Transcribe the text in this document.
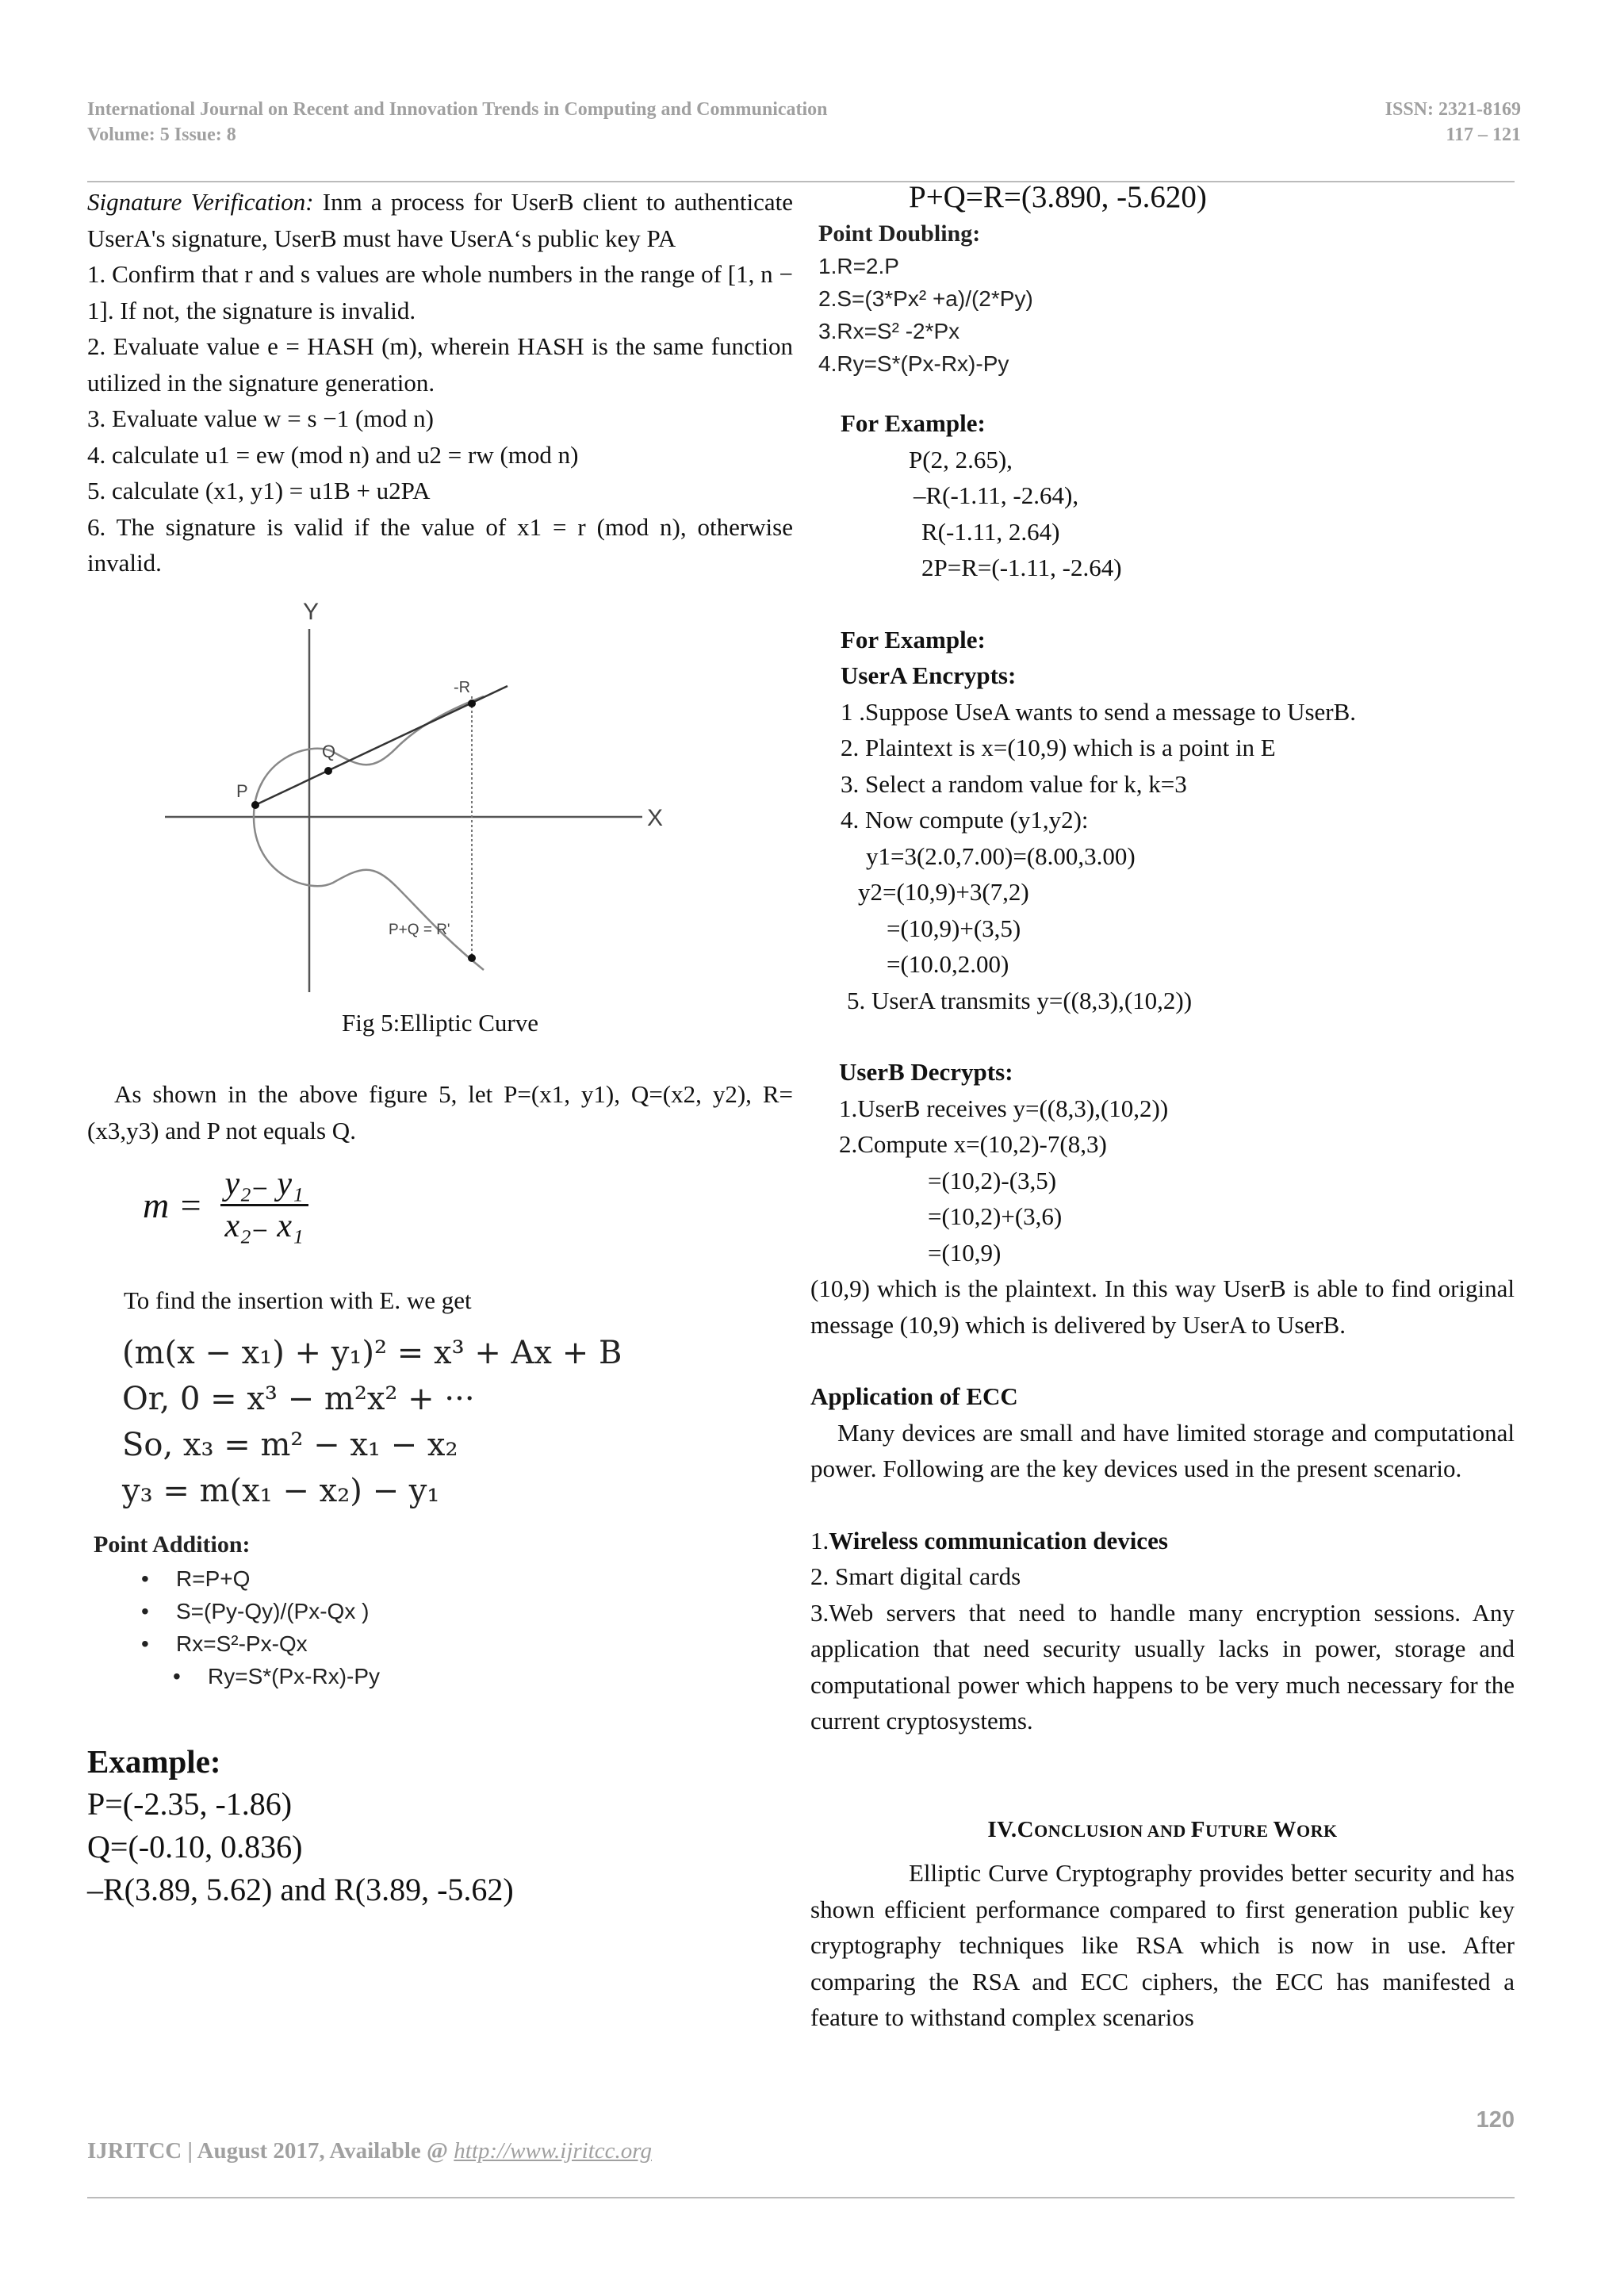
International Journal on Recent and Innovation Trends in Computing and Communication
Volume: 5 Issue: 8
ISSN: 2321-8169
117 – 121

Signature Verification: Inm a process for UserB client to authenticate UserA's signature, UserB must have UserA‘s public key PA

1. Confirm that r and s values are whole numbers in the range of [1, n − 1]. If not, the signature is invalid.

2. Evaluate value e = HASH (m), wherein HASH is the same function utilized in the signature generation.

3. Evaluate value w = s −1 (mod n)

4. calculate u1 = ew (mod n) and u2 = rw (mod n)

5. calculate (x1, y1) = u1B + u2PA

6. The signature is valid if the value of x1 = r (mod n), otherwise invalid.

Y
X
P
Q
-R
P+Q = R'

Fig 5:Elliptic Curve

As shown in the above figure 5, let P=(x1, y1), Q=(x2, y2), R=(x3,y3) and P not equals Q.

$m = \frac{\text{y₂₋ y₁}}{\text{x₂₋ x₁}}$

To find the insertion with E. we get

(m(x − x₁) + y₁)² = x³ + Ax + B
Or, 0 = x³ − m²x² + ···
So, x₃ = m² − x₁ − x₂
y₃ = m(x₁ − x₂) − y₁
Point Addition:
• R=P+Q
• S=(Py-Qy)/(Px-Qx )
• Rx=S²-Px-Qx
• Ry=S*(Px-Rx)-Py
Example:
P=(-2.35, -1.86)
Q=(-0.10, 0.836)
–R(3.89, 5.62) and R(3.89, -5.62)

P+Q=R=(3.890, -5.620)

Point Doubling:
1.R=2.P
2.S=(3*Px² +a)/(2*Py)
3.Rx=S² -2*Px
4.Ry=S*(Px-Rx)-Py

For Example:

P(2, 2.65),

–R(-1.11, -2.64),

R(-1.11, 2.64)

2P=R=(-1.11, -2.64)

For Example:

UserA Encrypts:

1 .Suppose UseA wants to send a message to UserB.

2. Plaintext is x=(10,9) which is a point in E

3. Select a random value for k, k=3

4. Now compute (y1,y2):

y1=3(2.0,7.00)=(8.00,3.00)

y2=(10,9)+3(7,2)

=(10,9)+(3,5)

=(10.0,2.00)

5. UserA transmits y=((8,3),(10,2))

UserB Decrypts:

1.UserB receives y=((8,3),(10,2))

2.Compute x=(10,2)-7(8,3)

=(10,2)-(3,5)

=(10,2)+(3,6)

=(10,9)

(10,9) which is the plaintext. In this way UserB is able to find original message (10,9) which is delivered by UserA to UserB.

Application of ECC

Many devices are small and have limited storage and computational power. Following are the key devices used in the present scenario.

1.Wireless communication devices

2. Smart digital cards

3.Web servers that need to handle many encryption sessions. Any application that need security usually lacks in power, storage and computational power which happens to be very much necessary for the current cryptosystems.

IV.CONCLUSION AND FUTURE WORK

Elliptic Curve Cryptography provides better security and has shown efficient performance compared to first generation public key cryptography techniques like RSA which is now in use. After comparing the RSA and ECC ciphers, the ECC has manifested a feature to withstand complex scenarios

120
IJRITCC | August 2017, Available @ http://www.ijritcc.org
